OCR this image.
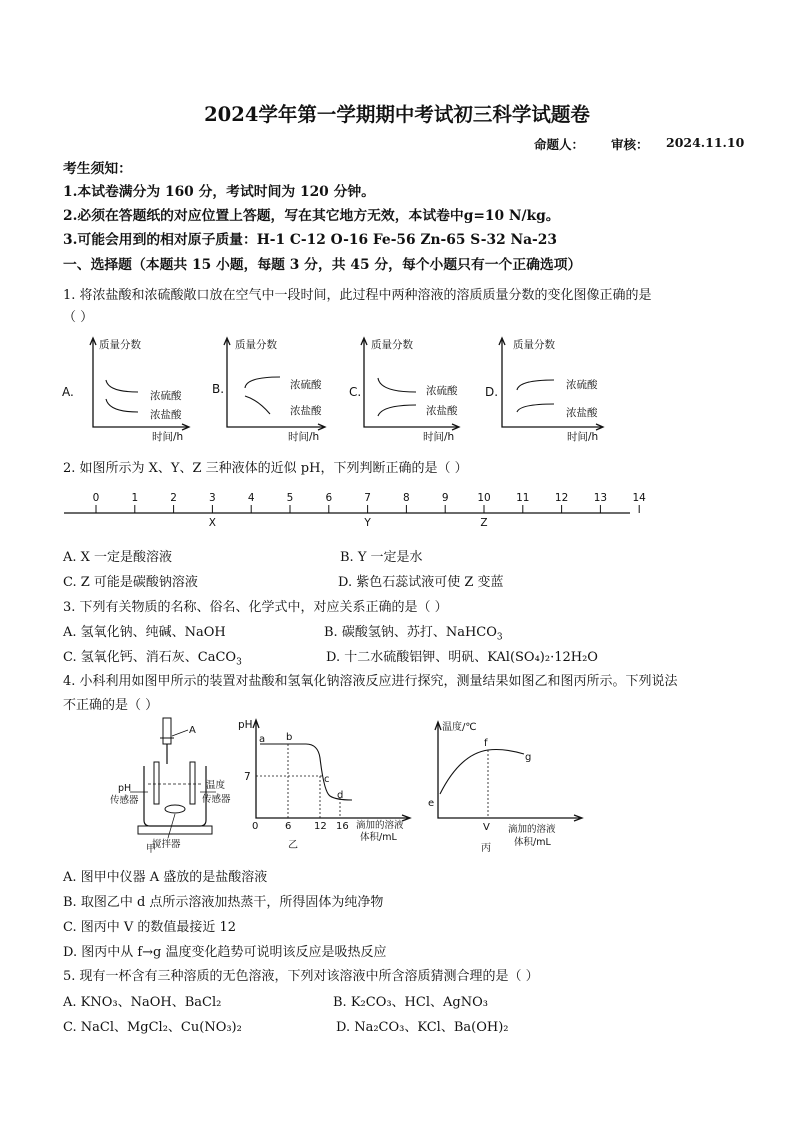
2024学年第一学期期中考试初三科学试题卷
命题人： 审核： 2024.11.10
考生须知：
1.本试卷满分为 160 分，考试时间为 120 分钟。
2.必须在答题纸的对应位置上答题，写在其它地方无效，本试卷中g=10 N/kg。
3.可能会用到的相对原子质量：H-1 C-12 O-16 Fe-56 Zn-65 S-32 Na-23
一、选择题（本题共 15 小题，每题 3 分，共 45 分，每个小题只有一个正确选项）
1. 将浓盐酸和浓硫酸敞口放在空气中一段时间，此过程中两种溶液的溶质质量分数的变化图像正确的是
（ ）
A.
质量分数
时间/h
浓硫酸
浓盐酸
B.
质量分数
时间/h
浓硫酸
浓盐酸
C.
质量分数
时间/h
浓硫酸
浓盐酸
D.
质量分数
时间/h
浓硫酸
浓盐酸
2. 如图所示为 X、Y、Z 三种液体的近似 pH，下列判断正确的是（ ）
0	1	2	3	4	5	6	7	8	9	10 11 12 13 14
X	Y	Z
A. X 一定是酸溶液	B. Y 一定是水
C. Z 可能是碳酸钠溶液	D. 紫色石蕊试液可使 Z 变蓝
3. 下列有关物质的名称、俗名、化学式中，对应关系正确的是（ ）
A. 氢氧化钠、纯碱、NaOH	B. 碳酸氢钠、苏打、NaHCO$_3$
C. 氢氧化钙、消石灰、CaCO$_3$	D. 十二水硫酸铝钾、明矾、KAl(SO₄)₂·12H₂O
4. 小科利用如图甲所示的装置对盐酸和氢氧化钠溶液反应进行探究，测量结果如图乙和图丙所示。下列说法
不正确的是（ ）
A
pH
传感器
温度
传感器
搅拌器
甲
pH
7
0	6 12 16
a b
c
d
滴加的溶液
体积/mL
乙
温度/℃
e
f
g
V 滴加的溶液
体积/mL
丙
A. 图甲中仪器 A 盛放的是盐酸溶液
B. 取图乙中 d 点所示溶液加热蒸干，所得固体为纯净物
C. 图丙中 V 的数值最接近 12
D. 图丙中从 f→g 温度变化趋势可说明该反应是吸热反应
5. 现有一杯含有三种溶质的无色溶液，下列对该溶液中所含溶质猜测合理的是（ ）
A. KNO₃、NaOH、BaCl₂	B. K₂CO₃、HCl、AgNO₃
C. NaCl、MgCl₂、Cu(NO₃)₂	D. Na₂CO₃、KCl、Ba(OH)₂
